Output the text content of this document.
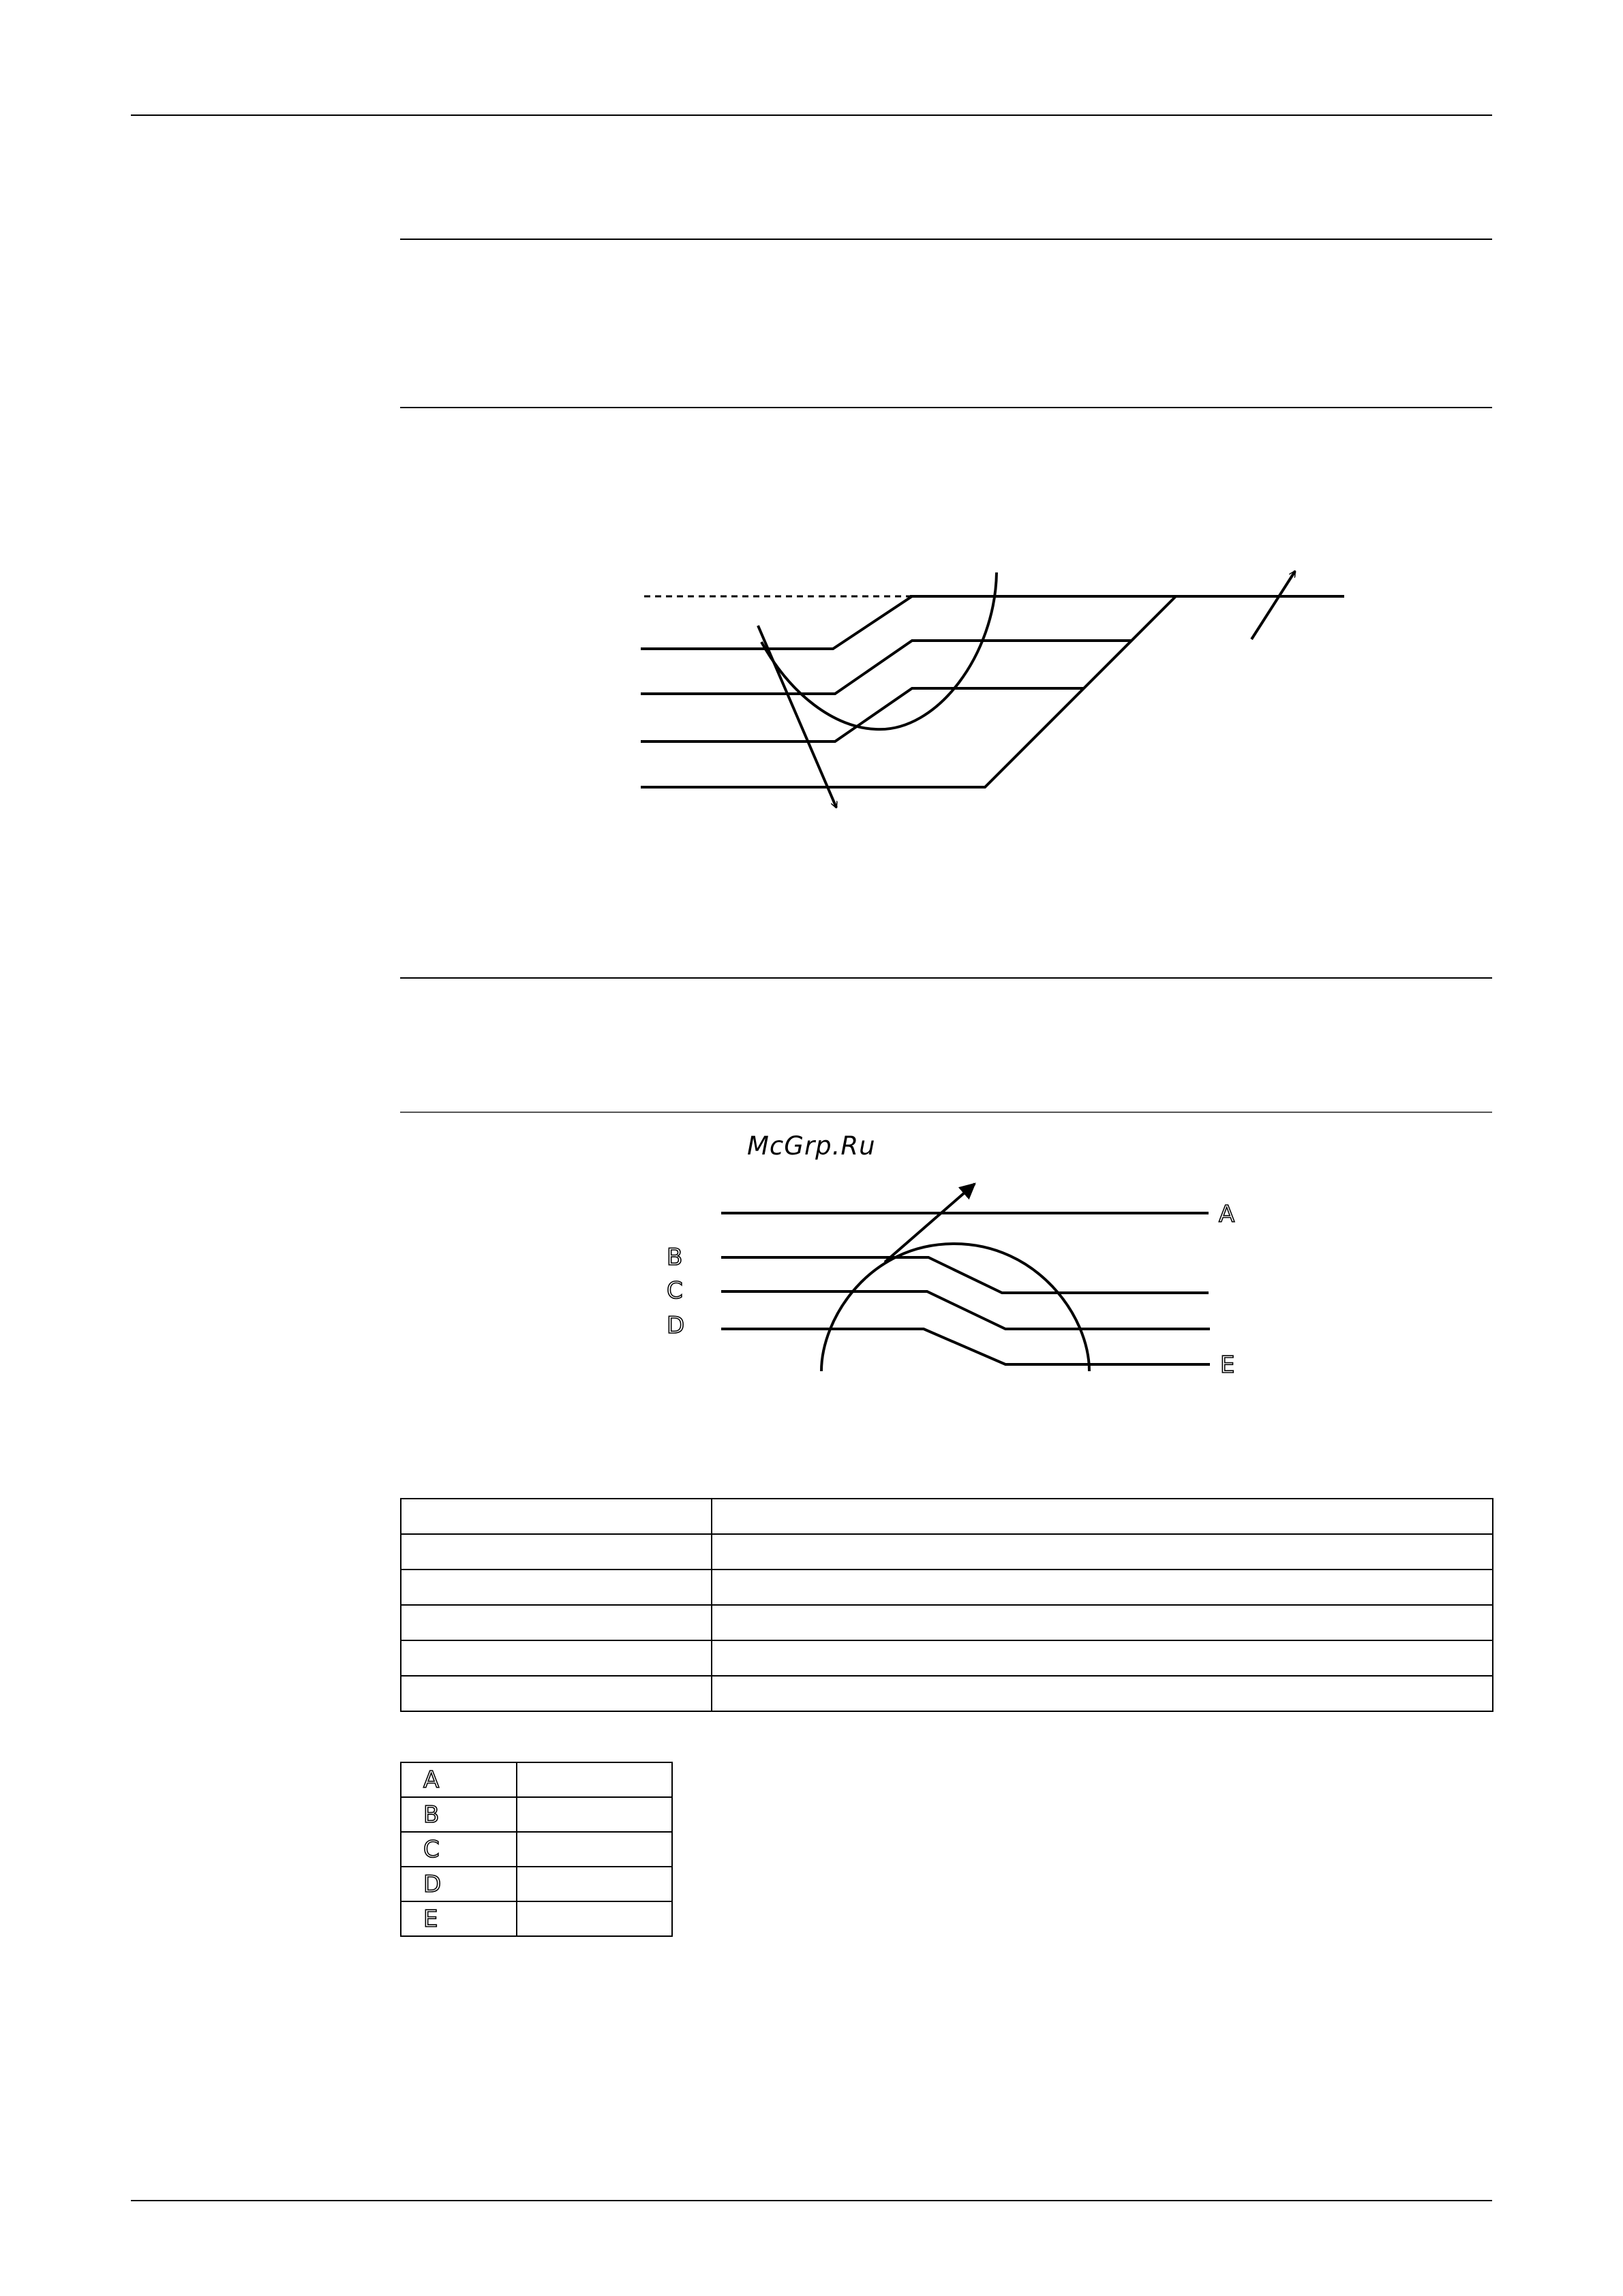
McGrp.Ru
A
B
C
D
E

A	
B	
C	
D	
E	
